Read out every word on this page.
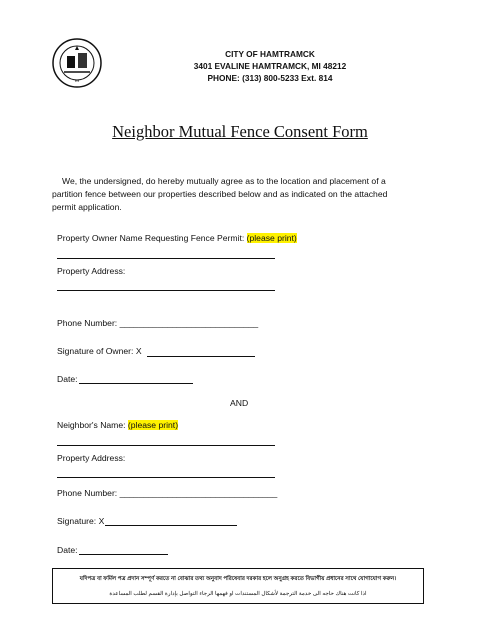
•••
CITY OF HAMTRAMCK
3401 EVALINE HAMTRAMCK, MI 48212
PHONE: (313) 800-5233 Ext. 814
Neighbor Mutual Fence Consent Form
We, the undersigned, do hereby mutually agree as to the location and placement of a partition fence between our properties described below and as indicated on the attached permit application.
Property Owner Name Requesting Fence Permit: (please print)
Property Address:
Phone Number: _____________________________
Signature of Owner: X
Date:
AND
Neighbor's Name: (please print)
Property Address:
Phone Number: _________________________________
Signature: X
Date:
যদিপত্র বা ফর্মিল পত্র প্রদান সম্পূর্ণ করতে না বোঝার তথ্য অনুবাদ পরিষেবার দরকার হলে অনুগ্রহ করতে বিভাগীয় প্রধানের সাথে যোগাযোগ করুন।
اذا كانت هناك حاجه الى خدمة الترجمة لأشكال المستندات او فهمها الرجاء التواصل بإدارة القسم لطلب المساعدة
